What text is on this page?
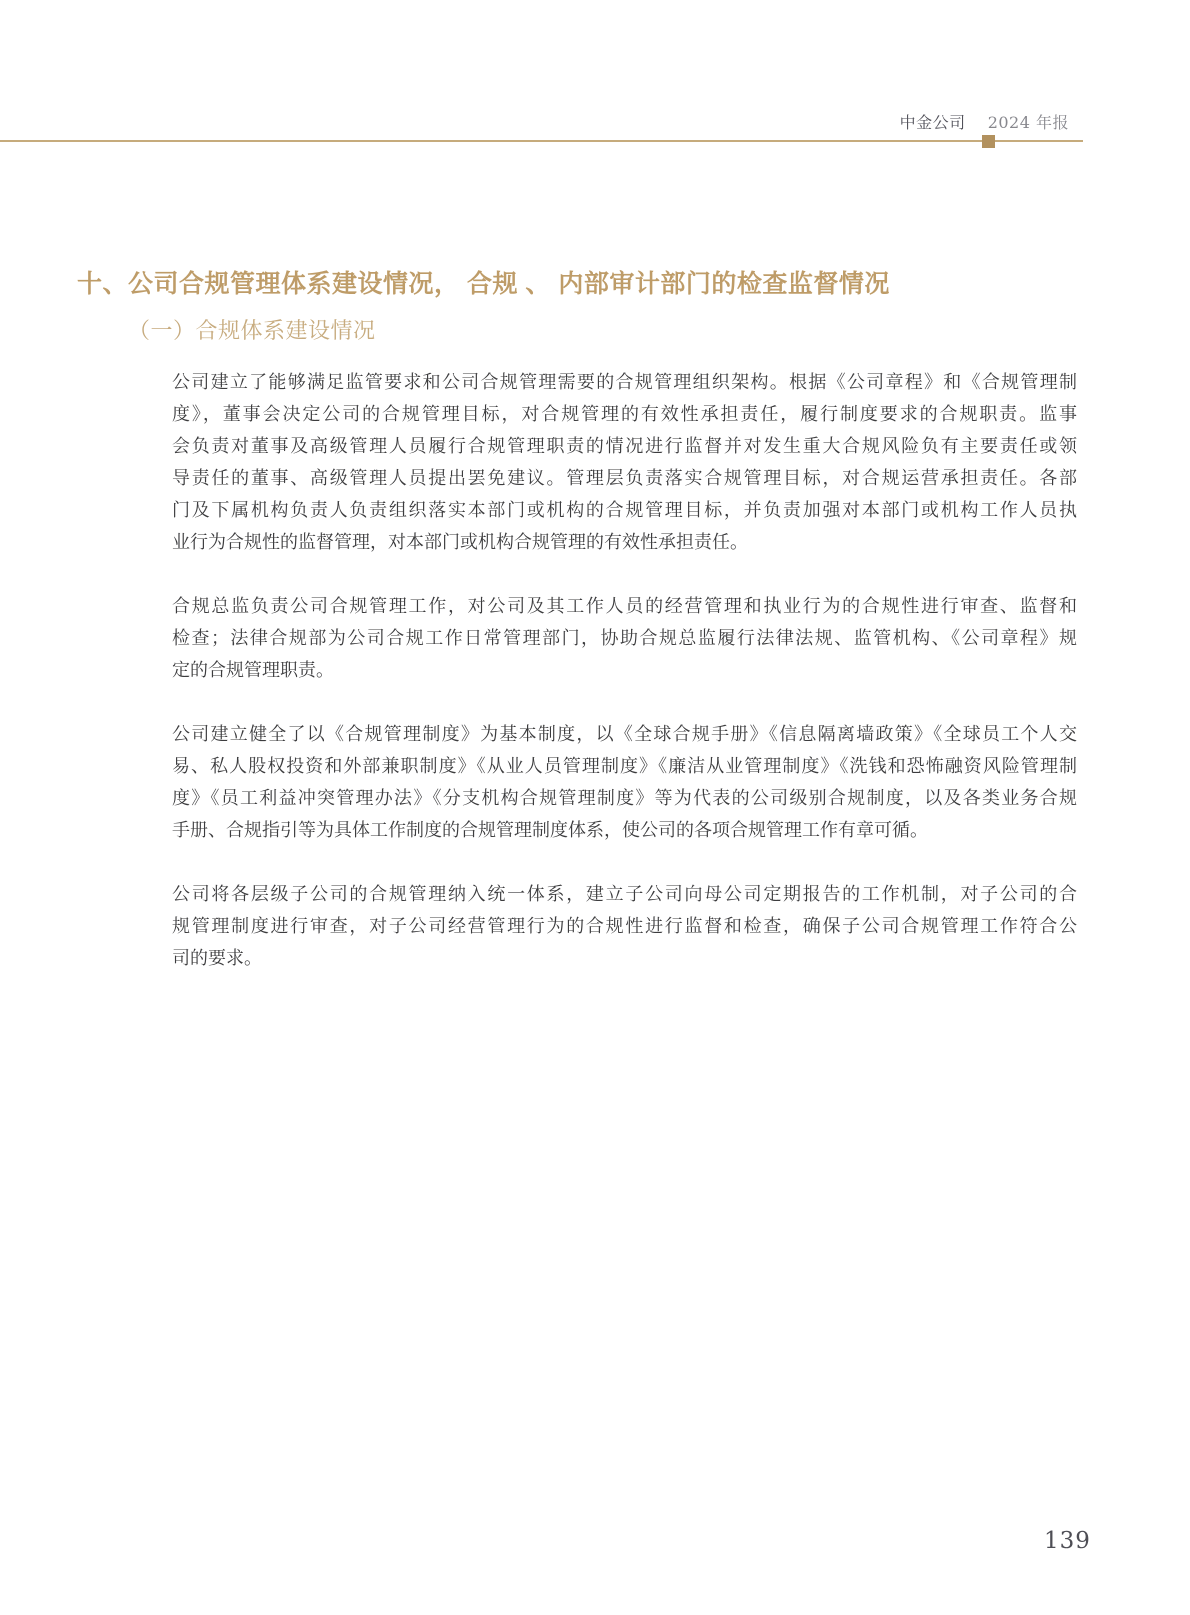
中金公司 2024 年报
十、公司合规管理体系建设情况， 合规 、 内部审计部门的检查监督情况
（一）合规体系建设情况
公司建立了能够满足监管要求和公司合规管理需要的合规管理组织架构。根据《公司章程》和《合规管理制
度》，董事会决定公司的合规管理目标，对合规管理的有效性承担责任，履行制度要求的合规职责。监事
会负责对董事及高级管理人员履行合规管理职责的情况进行监督并对发生重大合规风险负有主要责任或领
导责任的董事、高级管理人员提出罢免建议。管理层负责落实合规管理目标，对合规运营承担责任。各部
门及下属机构负责人负责组织落实本部门或机构的合规管理目标，并负责加强对本部门或机构工作人员执
业行为合规性的监督管理，对本部门或机构合规管理的有效性承担责任。
合规总监负责公司合规管理工作，对公司及其工作人员的经营管理和执业行为的合规性进行审查、监督和
检查；法律合规部为公司合规工作日常管理部门，协助合规总监履行法律法规、监管机构、《公司章程》规
定的合规管理职责。
公司建立健全了以《合规管理制度》为基本制度，以《全球合规手册》《信息隔离墙政策》《全球员工个人交
易、私人股权投资和外部兼职制度》《从业人员管理制度》《廉洁从业管理制度》《洗钱和恐怖融资风险管理制
度》《员工利益冲突管理办法》《分支机构合规管理制度》等为代表的公司级别合规制度，以及各类业务合规
手册、合规指引等为具体工作制度的合规管理制度体系，使公司的各项合规管理工作有章可循。
公司将各层级子公司的合规管理纳入统一体系，建立子公司向母公司定期报告的工作机制，对子公司的合
规管理制度进行审查，对子公司经营管理行为的合规性进行监督和检查，确保子公司合规管理工作符合公
司的要求。
139
